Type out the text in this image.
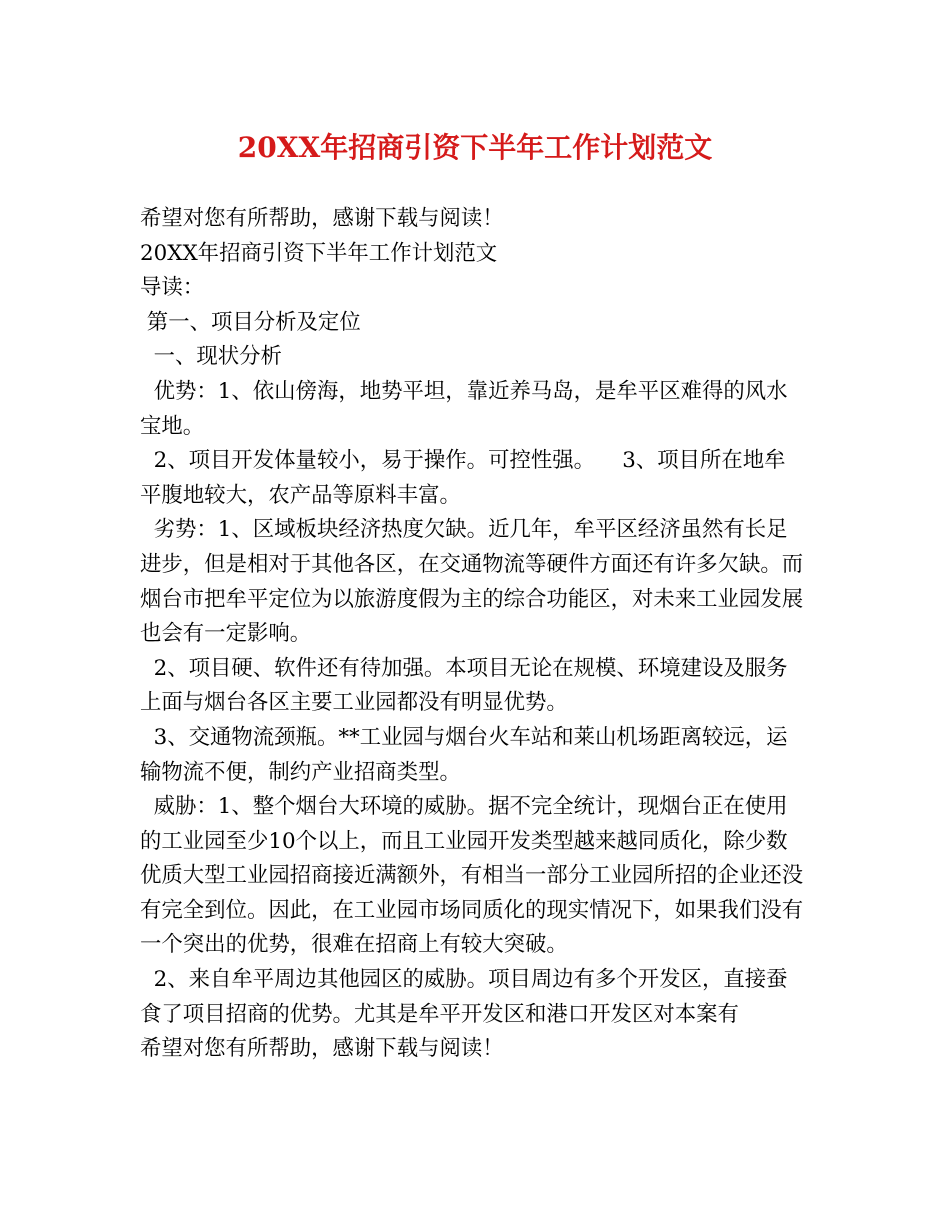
20XX年招商引资下半年工作计划范文

希望对您有所帮助，感谢下载与阅读！

20XX年招商引资下半年工作计划范文

导读：

第一、项目分析及定位

一、现状分析

优势：1、依山傍海，地势平坦，靠近养马岛，是牟平区难得的风水

宝地。

2、项目开发体量较小，易于操作。可控性强。    3、项目所在地牟

平腹地较大，农产品等原料丰富。

劣势：1、区域板块经济热度欠缺。近几年，牟平区经济虽然有长足

进步，但是相对于其他各区，在交通物流等硬件方面还有许多欠缺。而

烟台市把牟平定位为以旅游度假为主的综合功能区，对未来工业园发展

也会有一定影响。

2、项目硬、软件还有待加强。本项目无论在规模、环境建设及服务

上面与烟台各区主要工业园都没有明显优势。

3、交通物流颈瓶。**工业园与烟台火车站和莱山机场距离较远，运

输物流不便，制约产业招商类型。

威胁：1、整个烟台大环境的威胁。据不完全统计，现烟台正在使用

的工业园至少10个以上，而且工业园开发类型越来越同质化，除少数

优质大型工业园招商接近满额外，有相当一部分工业园所招的企业还没

有完全到位。因此，在工业园市场同质化的现实情况下，如果我们没有

一个突出的优势，很难在招商上有较大突破。

2、来自牟平周边其他园区的威胁。项目周边有多个开发区，直接蚕

食了项目招商的优势。尤其是牟平开发区和港口开发区对本案有

希望对您有所帮助，感谢下载与阅读！
